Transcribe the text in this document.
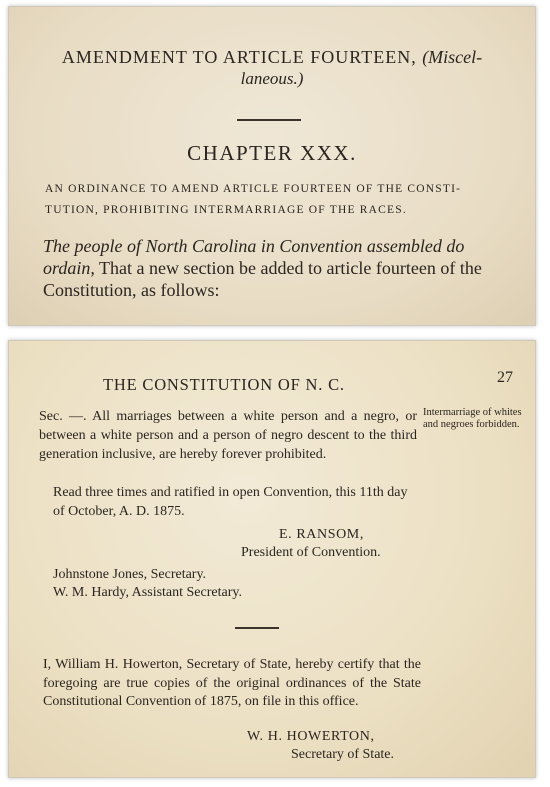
AMENDMENT TO ARTICLE FOURTEEN, (Miscel-
laneous.)
CHAPTER XXX.
AN ORDINANCE TO AMEND ARTICLE FOURTEEN OF THE CONSTI-
TUTION, PROHIBITING INTERMARRIAGE OF THE RACES.
The people of North Carolina in Convention assembled do ordain, That a new section be added to article fourteen of the Constitution, as follows:
THE CONSTITUTION OF N. C.	27
Sec. —. All marriages between a white person and a negro, or between a white person and a person of negro descent to the third generation inclusive, are hereby forever prohibited.
Intermarriage of whites and negroes forbidden.
Read three times and ratified in open Convention, this 11th day of October, A. D. 1875.
E. RANSOM,
President of Convention.
Johnstone Jones, Secretary.
W. M. Hardy, Assistant Secretary.
I, William H. Howerton, Secretary of State, hereby certify that the foregoing are true copies of the original ordinances of the State Constitutional Convention of 1875, on file in this office.
W. H. HOWERTON,
Secretary of State.
